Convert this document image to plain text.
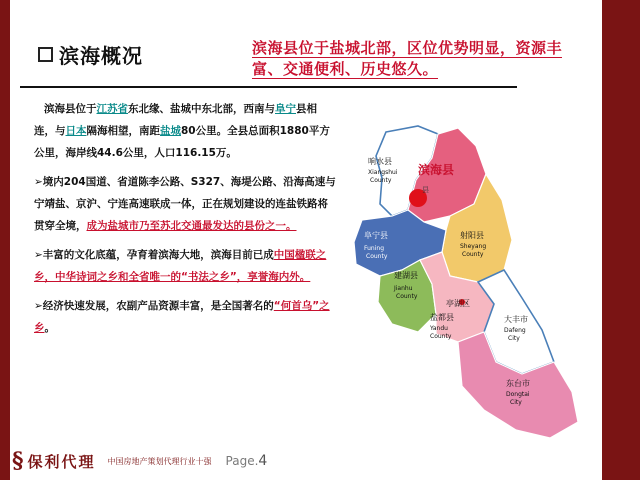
滨海概况	滨海县位于盐城北部，区位优势明显，资源丰富、交通便利、历史悠久。

滨海县位于江苏省东北缘、盐城中东北部，西南与阜宁县相连，与日本隔海相望，南距盐城80公里。全县总面积1880平方公里，海岸线44.6公里，人口116.15万。

➢境内204国道、省道陈李公路、S327、海堤公路、沿海高速与宁靖盐、京沪、宁连高速联成一体，正在规划建设的连盐铁路将贯穿全境，成为盐城市乃至苏北交通最发达的县份之一。

➢丰富的文化底蕴，孕育着滨海大地，滨海目前已成中国楹联之乡，中华诗词之乡和全省唯一的“书法之乡”，享誉海内外。

➢经济快速发展，农副产品资源丰富，是全国著名的“何首乌”之乡。

滨海县
县
响水县
Xiangshui
County
射阳县
Sheyang
County
阜宁县
Funing
County
建湖县
Jianhu
County
亭湖区
盐都县
Yandu
County
大丰市
Dafeng
City
东台市
Dongtai
City
§ 保利代理 中国房地产策划代理行业十强 Page. 4
